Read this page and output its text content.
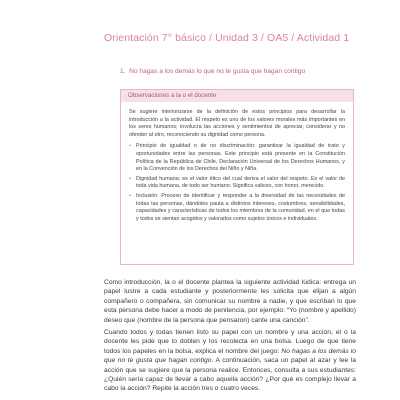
Orientación 7° básico / Unidad 3 / OA5 / Actividad 1
1. No hagas a los demás lo que no te gusta que hagan contigo
Observaciones a la o el docente

Se sugiere interiorizarse de la definición de estos principios para desarrollar la introducción a la actividad. El respeto es uno de los valores morales más importantes en los seres humanos; involucra las acciones y sentimientos de apreciar, considerar y no ofender al otro, reconociendo su dignidad como persona.

• Principio de igualdad o de no discriminación: garantizar la igualdad de trato y oportunidades entre las personas. Este principio está presente en la Constitución Política de la República de Chile, Declaración Universal de los Derechos Humanos, y en la Convención de los Derechos del Niño y Niña.
• Dignidad humana: es el valor ético del cual deriva el valor del respeto. Es el valor de toda vida humana, de todo ser humano. Significa valioso, con honor, merecido.
• Inclusión: Proceso de identificar y responder a la diversidad de las necesidades de todas las personas, dándoles pauta a distintos intereses, costumbres, sensibilidades, capacidades y características de todos los miembros de la comunidad, en el que todas y todos se sientan acogidos y valorados como sujetos únicos e individuales.

Como introducción, la o el docente plantea la siguiente actividad lúdica: entrega un papel lustre a cada estudiante y posteriormente les solicita que elijan a algún compañero o compañera, sin comunicar su nombre a nadie, y que escriban lo que esta persona debe hacer a modo de penitencia, por ejemplo: “Yo (nombre y apellido) deseo que (nombre de la persona que pensaron) cante una canción”.

Cuando todos y todas tienen listo su papel con un nombre y una acción, el o la docente les pide que lo doblen y los recolecta en una bolsa. Luego de que tiene todos los papeles en la bolsa, explica el nombre del juego: No hagas a los demás lo que no te gusta que hagan contigo. A continuación, saca un papel al azar y lee la acción que se sugiere que la persona realice. Entonces, consulta a sus estudiantes: ¿Quién sería capaz de llevar a cabo aquella acción? ¿Por qué es complejo llevar a cabo la acción? Repite la acción tres o cuatro veces.
